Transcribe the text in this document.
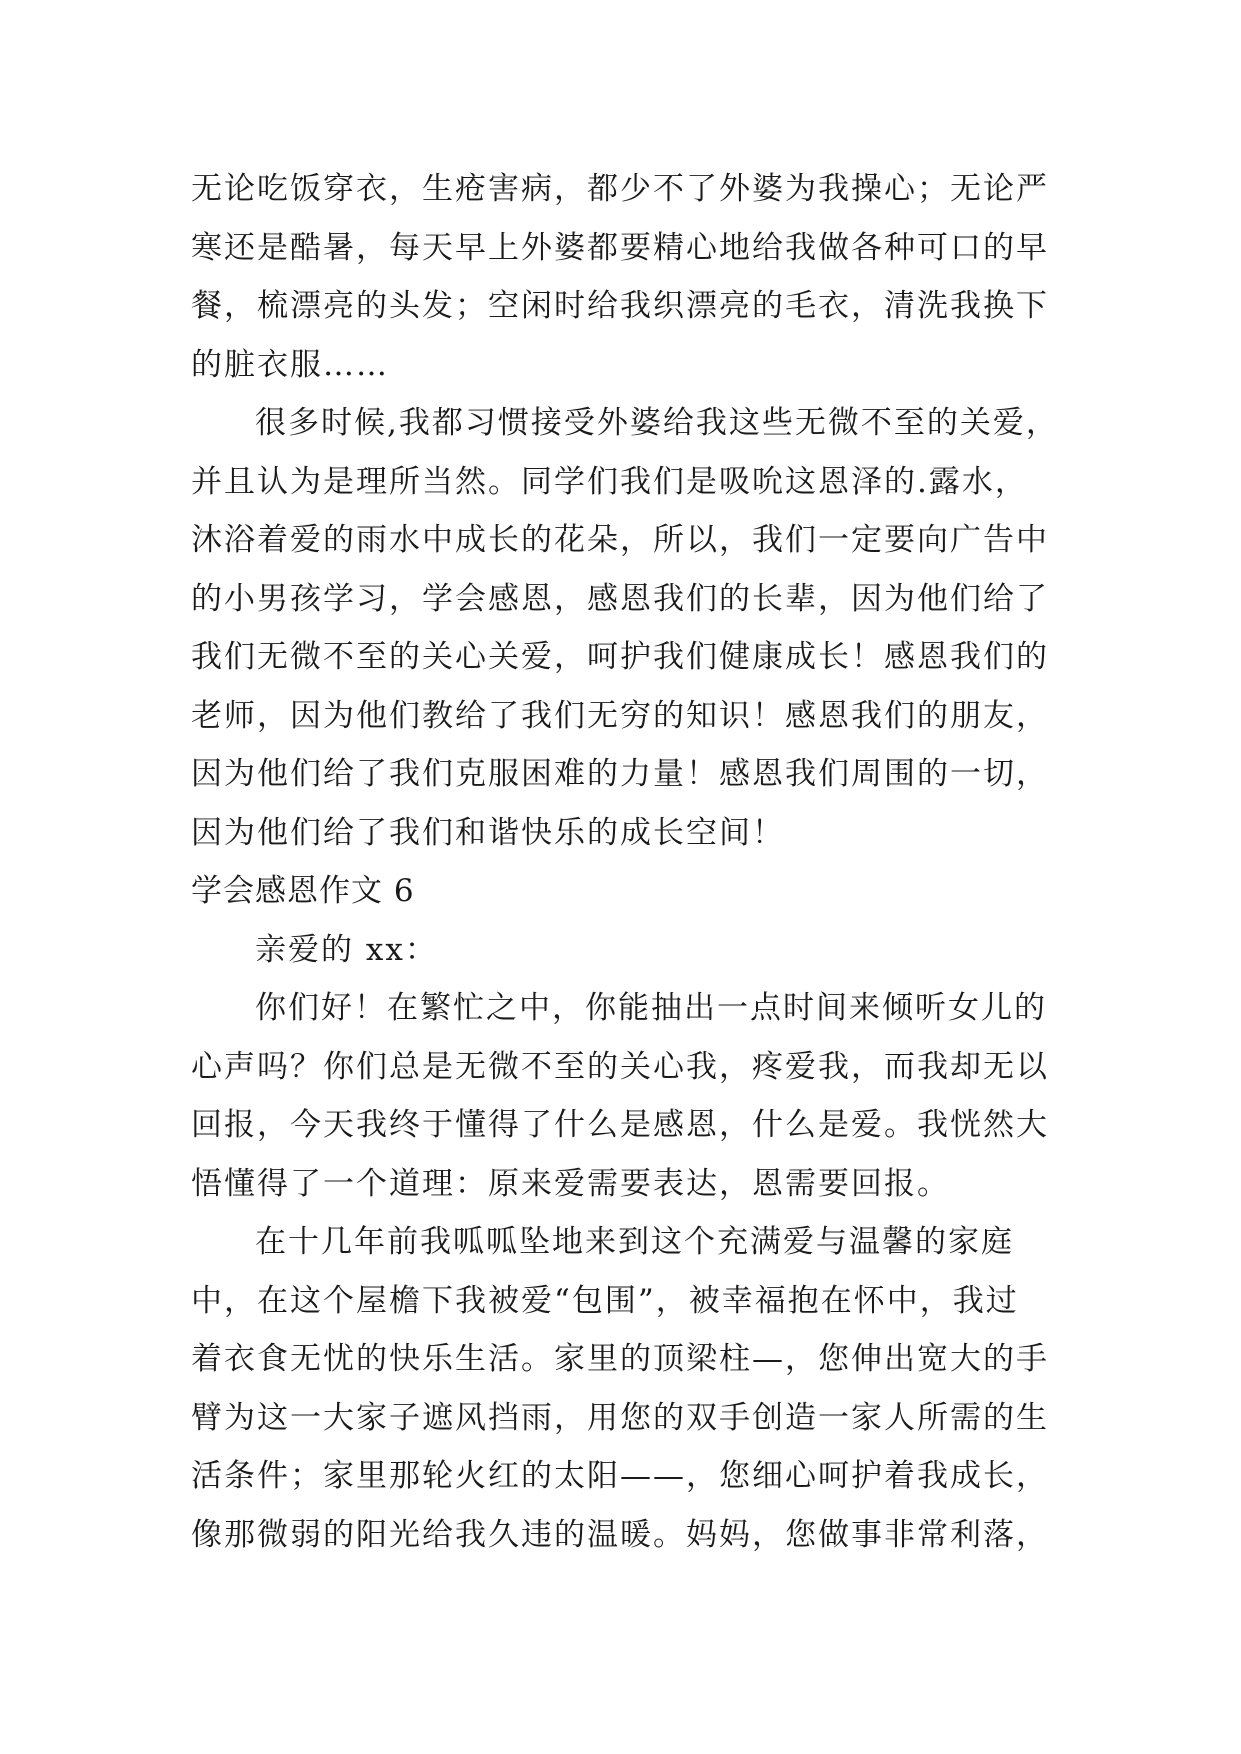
无论吃饭穿衣，生疮害病，都少不了外婆为我操心；无论严
寒还是酷暑，每天早上外婆都要精心地给我做各种可口的早
餐，梳漂亮的头发；空闲时给我织漂亮的毛衣，清洗我换下
的脏衣服……
很多时候,我都习惯接受外婆给我这些无微不至的关爱，
并且认为是理所当然。同学们我们是吸吮这恩泽的.露水，
沐浴着爱的雨水中成长的花朵，所以，我们一定要向广告中
的小男孩学习，学会感恩，感恩我们的长辈，因为他们给了
我们无微不至的关心关爱，呵护我们健康成长！感恩我们的
老师，因为他们教给了我们无穷的知识！感恩我们的朋友，
因为他们给了我们克服困难的力量！感恩我们周围的一切，
因为他们给了我们和谐快乐的成长空间！
学会感恩作文 6
亲爱的 xx：
你们好！在繁忙之中，你能抽出一点时间来倾听女儿的
心声吗？你们总是无微不至的关心我，疼爱我，而我却无以
回报，今天我终于懂得了什么是感恩，什么是爱。我恍然大
悟懂得了一个道理：原来爱需要表达，恩需要回报。
在十几年前我呱呱坠地来到这个充满爱与温馨的家庭
中，在这个屋檐下我被爱“包围”，被幸福抱在怀中，我过
着衣食无忧的快乐生活。家里的顶梁柱—，您伸出宽大的手
臂为这一大家子遮风挡雨，用您的双手创造一家人所需的生
活条件；家里那轮火红的太阳——，您细心呵护着我成长，
像那微弱的阳光给我久违的温暖。妈妈，您做事非常利落，
